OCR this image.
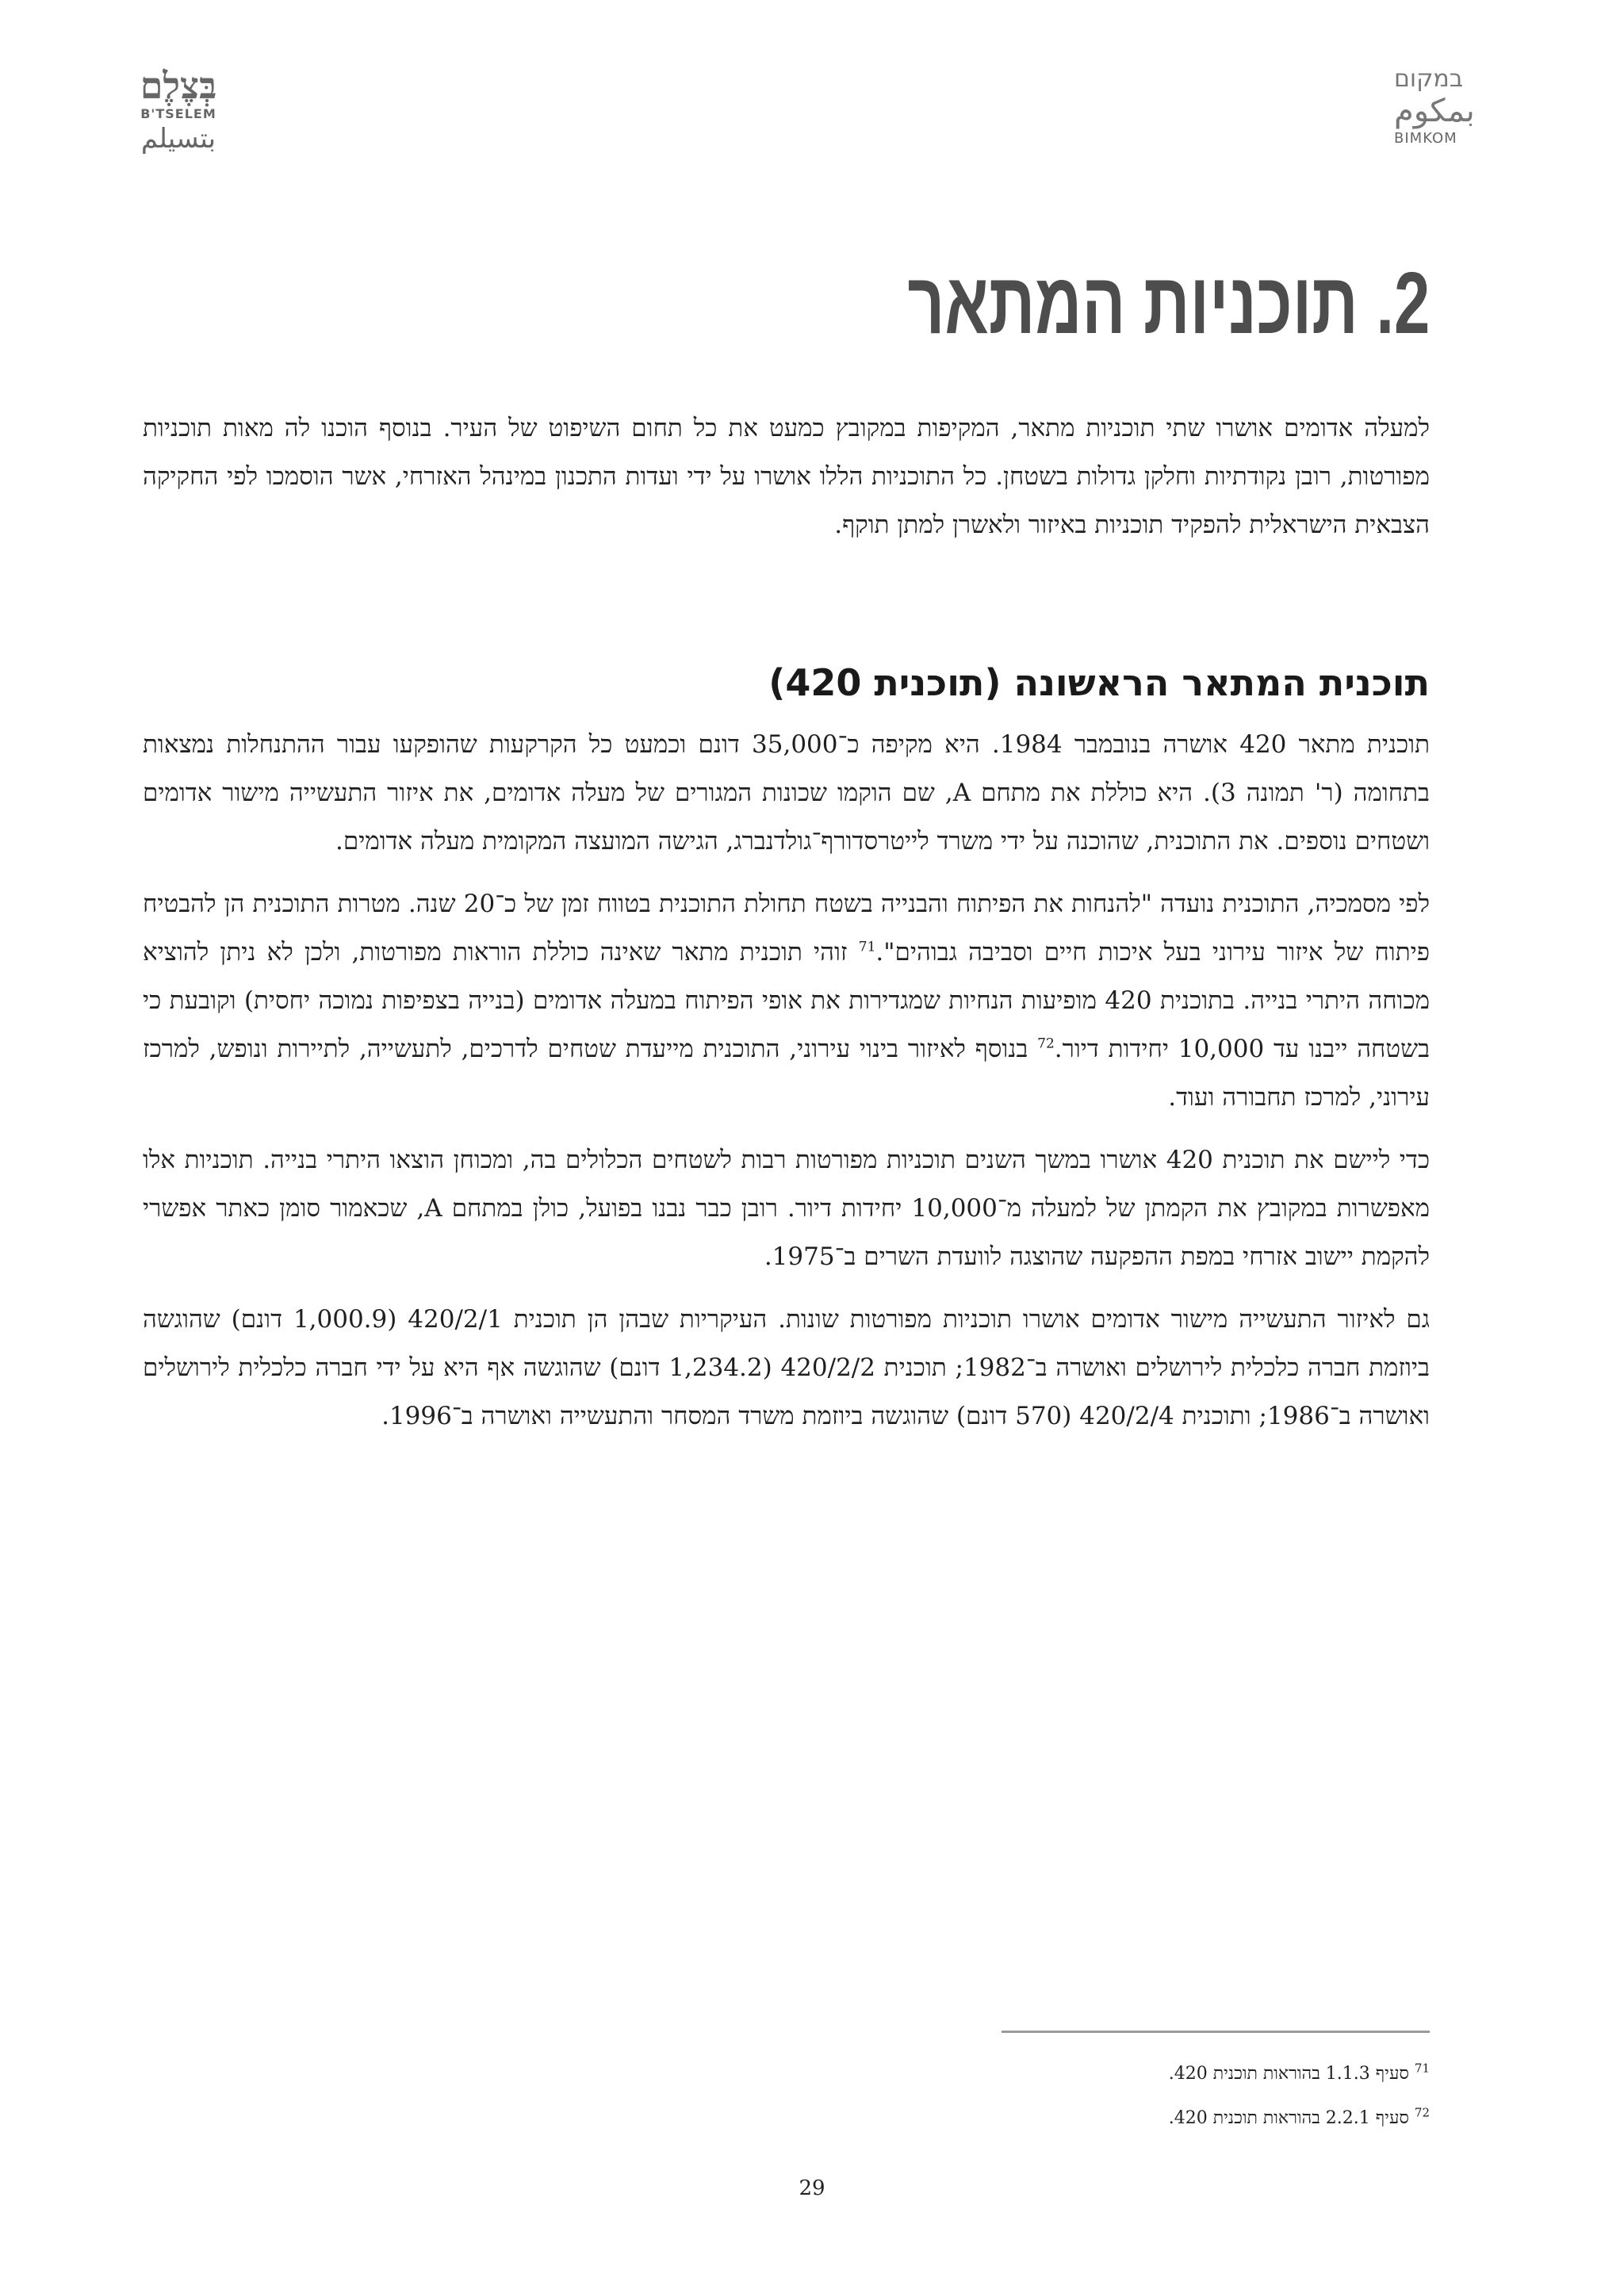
בְּצֶלֶם
B'TSELEM
بتسيلم
במקום
بمكوم
BIMKOM
2. תוכניות המתאר

למעלה אדומים אושרו שתי תוכניות מתאר, המקיפות במקובץ כמעט את כל תחום השיפוט של העיר. בנוסף הוכנו לה מאות תוכניות מפורטות, רובן נקודתיות וחלקן גדולות בשטחן. כל התוכניות הללו אושרו על ידי ועדות התכנון במינהל האזרחי, אשר הוסמכו לפי החקיקה הצבאית הישראלית להפקיד תוכניות באיזור ולאשרן למתן תוקף.

תוכנית המתאר הראשונה (תוכנית 420)

תוכנית מתאר 420 אושרה בנובמבר 1984. היא מקיפה כ־35,000 דונם וכמעט כל הקרקעות שהופקעו עבור ההתנחלות נמצאות בתחומה (ר' תמונה 3). היא כוללת את מתחם A, שם הוקמו שכונות המגורים של מעלה אדומים, את איזור התעשייה מישור אדומים ושטחים נוספים. את התוכנית, שהוכנה על ידי משרד לייטרסדורף־גולדנברג, הגישה המועצה המקומית מעלה אדומים.

לפי מסמכיה, התוכנית נועדה "להנחות את הפיתוח והבנייה בשטח תחולת התוכנית בטווח זמן של כ־20 שנה. מטרות התוכנית הן להבטיח פיתוח של איזור עירוני בעל איכות חיים וסביבה גבוהים".$^{71}$ זוהי תוכנית מתאר שאינה כוללת הוראות מפורטות, ולכן לא ניתן להוציא מכוחה היתרי בנייה. בתוכנית 420 מופיעות הנחיות שמגדירות את אופי הפיתוח במעלה אדומים (בנייה בצפיפות נמוכה יחסית) וקובעת כי בשטחה ייבנו עד 10,000 יחידות דיור.$^{72}$ בנוסף לאיזור בינוי עירוני, התוכנית מייעדת שטחים לדרכים, לתעשייה, לתיירות ונופש, למרכז עירוני, למרכז תחבורה ועוד.

כדי ליישם את תוכנית 420 אושרו במשך השנים תוכניות מפורטות רבות לשטחים הכלולים בה, ומכוחן הוצאו היתרי בנייה. תוכניות אלו מאפשרות במקובץ את הקמתן של למעלה מ־10,000 יחידות דיור. רובן כבר נבנו בפועל, כולן במתחם A, שכאמור סומן כאתר אפשרי להקמת יישוב אזרחי במפת ההפקעה שהוצגה לוועדת השרים ב־1975.

גם לאיזור התעשייה מישור אדומים אושרו תוכניות מפורטות שונות. העיקריות שבהן הן תוכנית 420/2/1 (1,000.9 דונם) שהוגשה ביוזמת חברה כלכלית לירושלים ואושרה ב־1982; תוכנית 420/2/2 (1,234.2 דונם) שהוגשה אף היא על ידי חברה כלכלית לירושלים ואושרה ב־1986; ותוכנית 420/2/4 (570 דונם) שהוגשה ביוזמת משרד המסחר והתעשייה ואושרה ב־1996.

$^{71}$ סעיף 1.1.3 בהוראות תוכנית 420.

$^{72}$ סעיף 2.2.1 בהוראות תוכנית 420.

29
